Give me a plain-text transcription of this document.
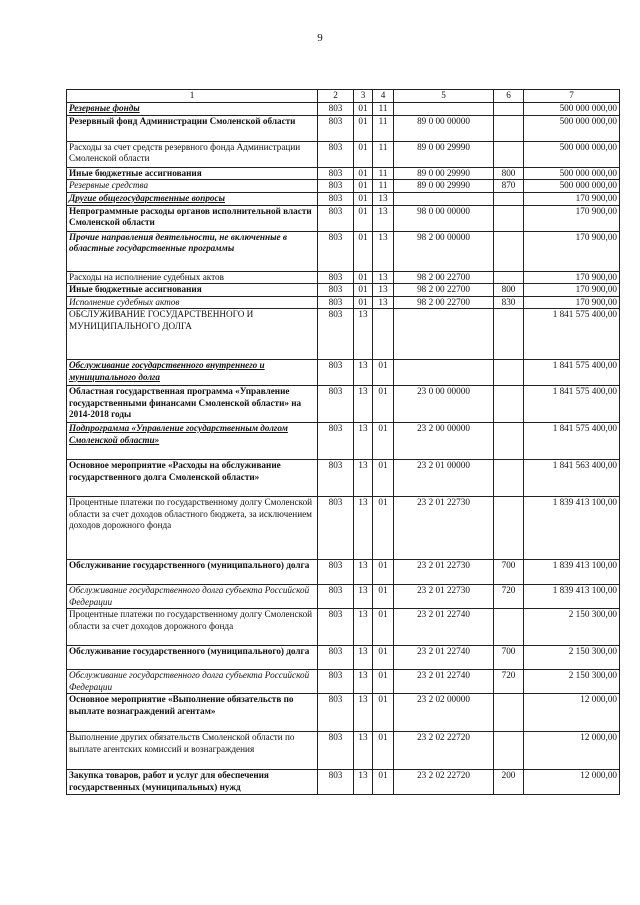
9
1	2	3	4	5	6	7
Резервные фонды	803	01	11			500 000 000,00
Резервный фонд Администрации Смоленской области	803	01	11	89 0 00 00000		500 000 000,00
Расходы за счет средств резервного фонда Администрации Смоленской области	803	01	11	89 0 00 29990		500 000 000,00
Иные бюджетные ассигнования	803	01	11	89 0 00 29990	800	500 000 000,00
Резервные средства	803	01	11	89 0 00 29990	870	500 000 000,00
Другие общегосударственные вопросы	803	01	13			170 900,00
Непрограммные расходы органов исполнительной власти Смоленской области	803	01	13	98 0 00 00000		170 900,00
Прочие направления деятельности, не включенные в областные государственные программы	803	01	13	98 2 00 00000		170 900,00
Расходы на исполнение судебных актов	803	01	13	98 2 00 22700		170 900,00
Иные бюджетные ассигнования	803	01	13	98 2 00 22700	800	170 900,00
Исполнение судебных актов	803	01	13	98 2 00 22700	830	170 900,00
ОБСЛУЖИВАНИЕ ГОСУДАРСТВЕННОГО И МУНИЦИПАЛЬНОГО ДОЛГА	803	13				1 841 575 400,00
Обслуживание государственного внутреннего и муниципального долга	803	13	01			1 841 575 400,00
Областная государственная программа «Управление государственными финансами Смоленской области» на 2014-2018 годы	803	13	01	23 0 00 00000		1 841 575 400,00
Подпрограмма «Управление государственным долгом Смоленской области»	803	13	01	23 2 00 00000		1 841 575 400,00
Основное мероприятие «Расходы на обслуживание государственного долга Смоленской области»	803	13	01	23 2 01 00000		1 841 563 400,00
Процентные платежи по государственному долгу Смоленской области за счет доходов областного бюджета, за исключением доходов дорожного фонда	803	13	01	23 2 01 22730		1 839 413 100,00
Обслуживание государственного (муниципального) долга	803	13	01	23 2 01 22730	700	1 839 413 100,00
Обслуживание государственного долга субъекта Российской Федерации	803	13	01	23 2 01 22730	720	1 839 413 100,00
Процентные платежи по государственному долгу Смоленской области за счет доходов дорожного фонда	803	13	01	23 2 01 22740		2 150 300,00
Обслуживание государственного (муниципального) долга	803	13	01	23 2 01 22740	700	2 150 300,00
Обслуживание государственного долга субъекта Российской Федерации	803	13	01	23 2 01 22740	720	2 150 300,00
Основное мероприятие «Выполнение обязательств по выплате вознаграждений агентам»	803	13	01	23 2 02 00000		12 000,00
Выполнение других обязательств Смоленской области по выплате агентских комиссий и вознаграждения	803	13	01	23 2 02 22720		12 000,00
Закупка товаров, работ и услуг для обеспечения государственных (муниципальных) нужд	803	13	01	23 2 02 22720	200	12 000,00
